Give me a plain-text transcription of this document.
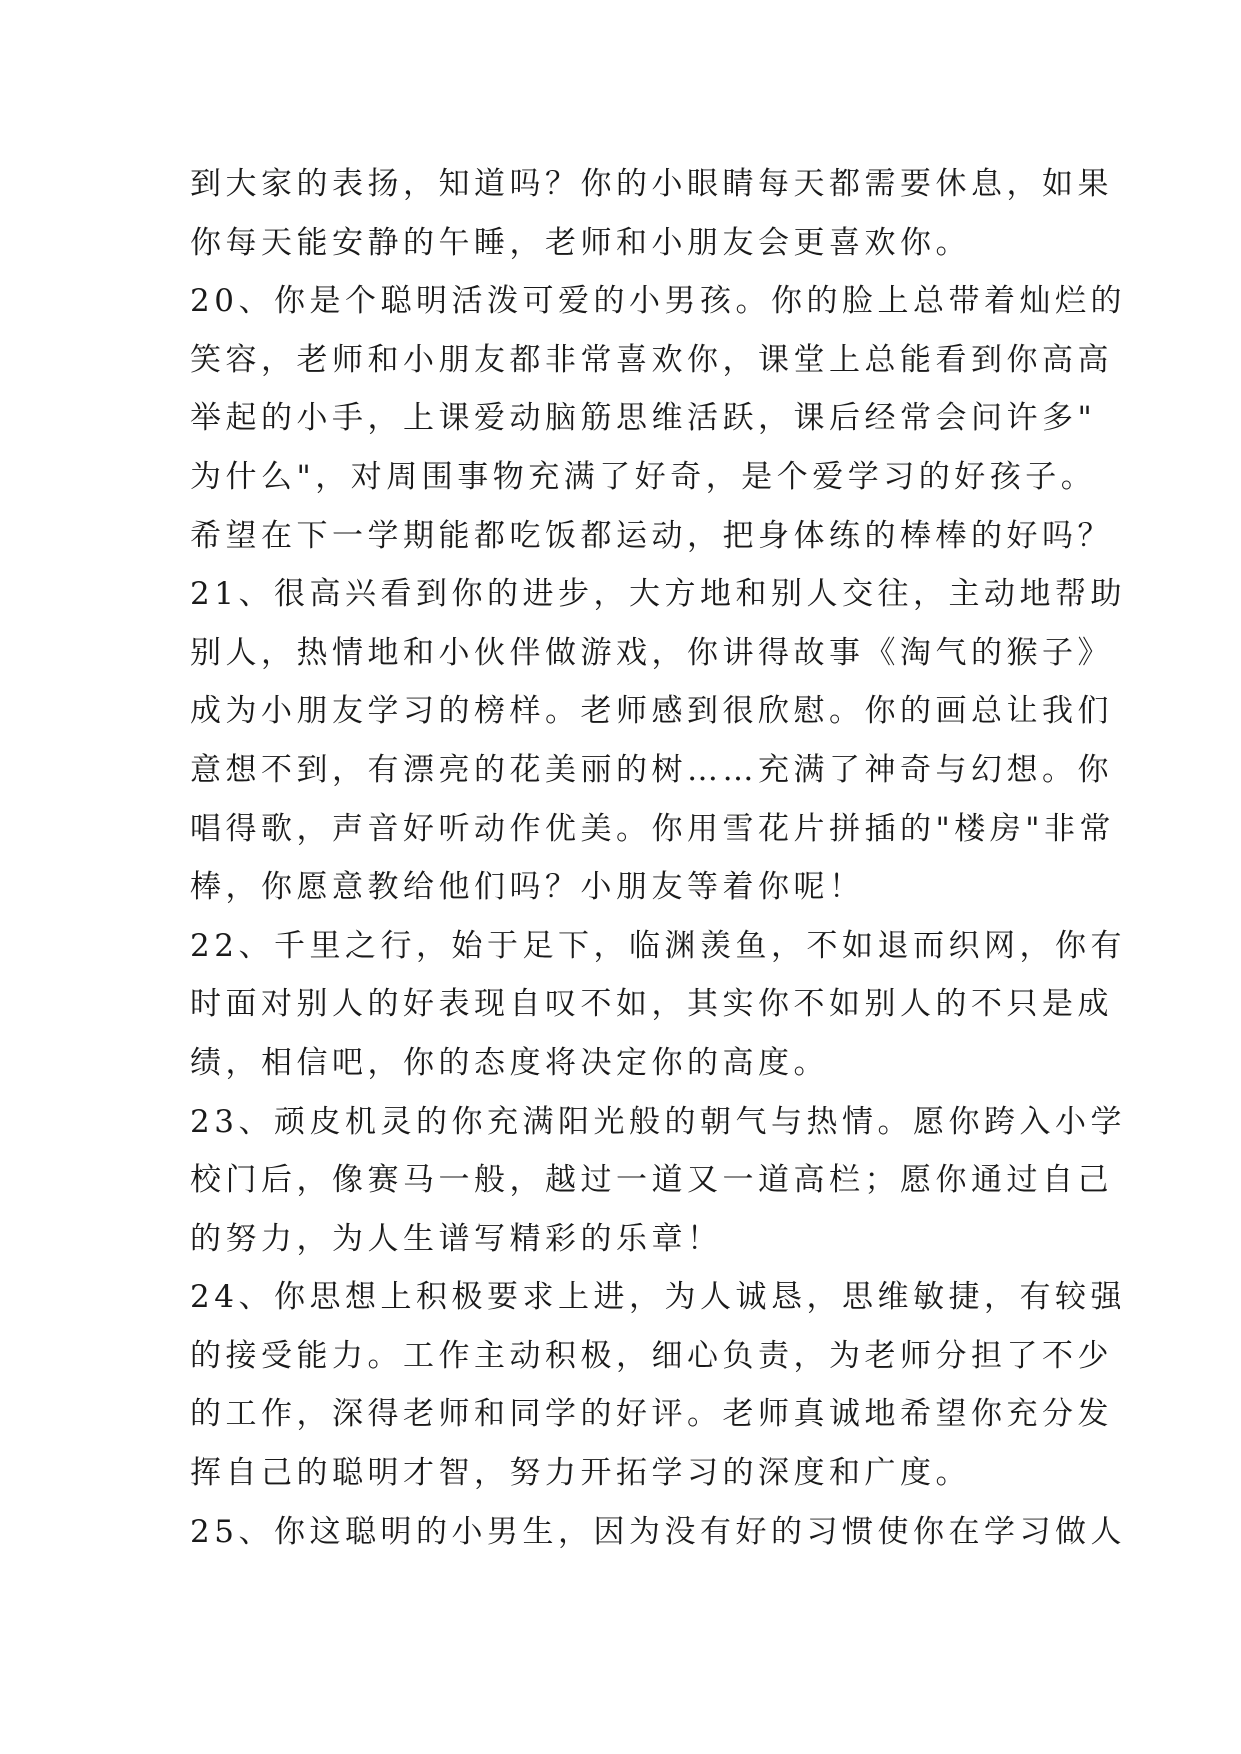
到大家的表扬，知道吗？你的小眼睛每天都需要休息，如果
你每天能安静的午睡，老师和小朋友会更喜欢你。
20、你是个聪明活泼可爱的小男孩。你的脸上总带着灿烂的
笑容，老师和小朋友都非常喜欢你，课堂上总能看到你高高
举起的小手，上课爱动脑筋思维活跃，课后经常会问许多"
为什么"，对周围事物充满了好奇，是个爱学习的好孩子。
希望在下一学期能都吃饭都运动，把身体练的棒棒的好吗？
21、很高兴看到你的进步，大方地和别人交往，主动地帮助
别人，热情地和小伙伴做游戏，你讲得故事《淘气的猴子》
成为小朋友学习的榜样。老师感到很欣慰。你的画总让我们
意想不到，有漂亮的花美丽的树……充满了神奇与幻想。你
唱得歌，声音好听动作优美。你用雪花片拼插的"楼房"非常
棒，你愿意教给他们吗？小朋友等着你呢！
22、千里之行，始于足下，临渊羡鱼，不如退而织网，你有
时面对别人的好表现自叹不如，其实你不如别人的不只是成
绩，相信吧，你的态度将决定你的高度。
23、顽皮机灵的你充满阳光般的朝气与热情。愿你跨入小学
校门后，像赛马一般，越过一道又一道高栏；愿你通过自己
的努力，为人生谱写精彩的乐章！
24、你思想上积极要求上进，为人诚恳，思维敏捷，有较强
的接受能力。工作主动积极，细心负责，为老师分担了不少
的工作，深得老师和同学的好评。老师真诚地希望你充分发
挥自己的聪明才智，努力开拓学习的深度和广度。
25、你这聪明的小男生，因为没有好的习惯使你在学习做人
